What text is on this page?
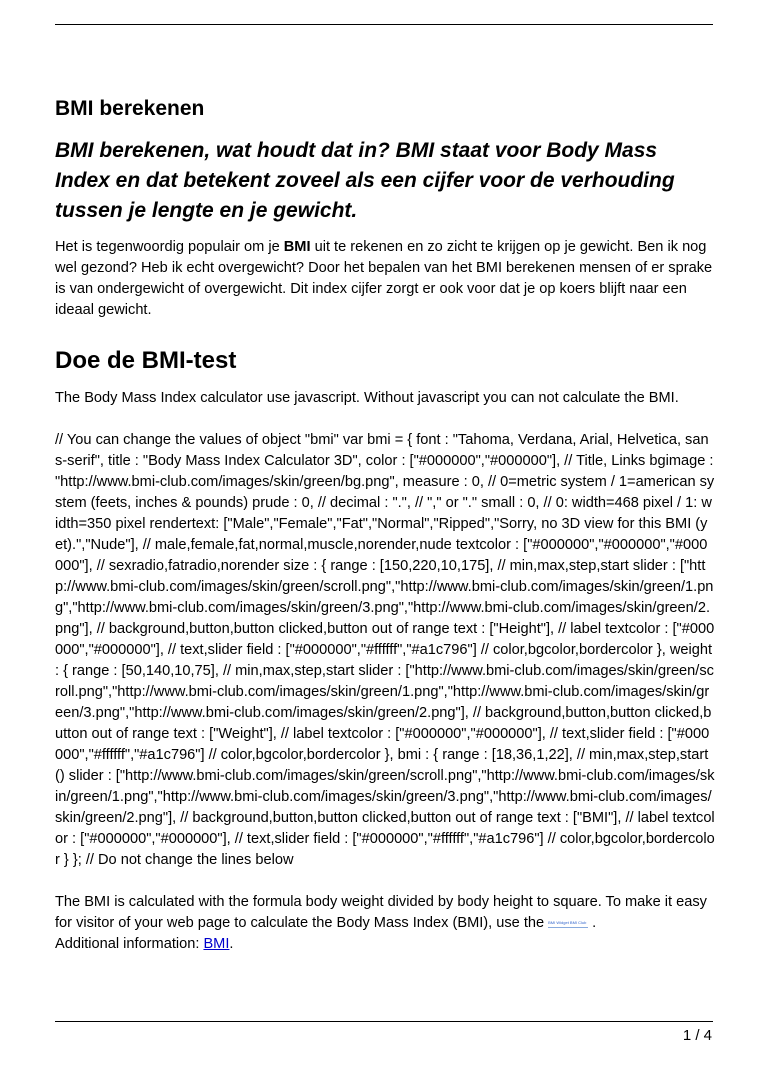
BMI berekenen
BMI berekenen, wat houdt dat in? BMI staat voor Body Mass Index en dat betekent zoveel als een cijfer voor de verhouding tussen je lengte en je gewicht.

Het is tegenwoordig populair om je BMI uit te rekenen en zo zicht te krijgen op je gewicht. Ben ik nog wel gezond? Heb ik echt overgewicht? Door het bepalen van het BMI berekenen mensen of er sprake is van ondergewicht of overgewicht. Dit index cijfer zorgt er ook voor dat je op koers blijft naar een ideaal gewicht.

Doe de BMI-test

The Body Mass Index calculator use javascript. Without javascript you can not calculate the BMI.

// You can change the values of object "bmi" var bmi = { font : "Tahoma, Verdana, Arial, Helvetica, sans-serif", title : "Body Mass Index Calculator 3D", color : ["#000000","#000000"], // Title, Links bgimage : "http://www.bmi-club.com/images/skin/green/bg.png", measure : 0, // 0=metric system / 1=american system (feets, inches & pounds) prude : 0, // decimal : ".", // "," or "." small : 0, // 0: width=468 pixel / 1: width=350 pixel rendertext: ["Male","Female","Fat","Normal","Ripped","Sorry, no 3D view for this BMI (yet).","Nude"], // male,female,fat,normal,muscle,norender,nude textcolor : ["#000000","#000000","#000000"], // sexradio,fatradio,norender size : { range : [150,220,10,175], // min,max,step,start slider : ["http://www.bmi-club.com/images/skin/green/scroll.png","http://www.bmi-club.com/images/skin/green/1.png","http://www.bmi-club.com/images/skin/green/3.png","http://www.bmi-club.com/images/skin/green/2.png"], // background,button,button clicked,button out of range text : ["Height"], // label textcolor : ["#000000","#000000"], // text,slider field : ["#000000","#ffffff","#a1c796"] // color,bgcolor,bordercolor }, weight : { range : [50,140,10,75], // min,max,step,start slider : ["http://www.bmi-club.com/images/skin/green/scroll.png","http://www.bmi-club.com/images/skin/green/1.png","http://www.bmi-club.com/images/skin/green/3.png","http://www.bmi-club.com/images/skin/green/2.png"], // background,button,button clicked,button out of range text : ["Weight"], // label textcolor : ["#000000","#000000"], // text,slider field : ["#000000","#ffffff","#a1c796"] // color,bgcolor,bordercolor }, bmi : { range : [18,36,1,22], // min,max,step,start () slider : ["http://www.bmi-club.com/images/skin/green/scroll.png","http://www.bmi-club.com/images/skin/green/1.png","http://www.bmi-club.com/images/skin/green/3.png","http://www.bmi-club.com/images/skin/green/2.png"], // background,button,button clicked,button out of range text : ["BMI"], // label textcolor : ["#000000","#000000"], // text,slider field : ["#000000","#ffffff","#a1c796"] // color,bgcolor,bordercolor } }; // Do not change the lines below

The BMI is calculated with the formula body weight divided by body height to square. To make it easy for visitor of your web page to calculate the Body Mass Index (BMI), use the BMI Widget BMI Club .
Additional information: BMI.

1 / 4
